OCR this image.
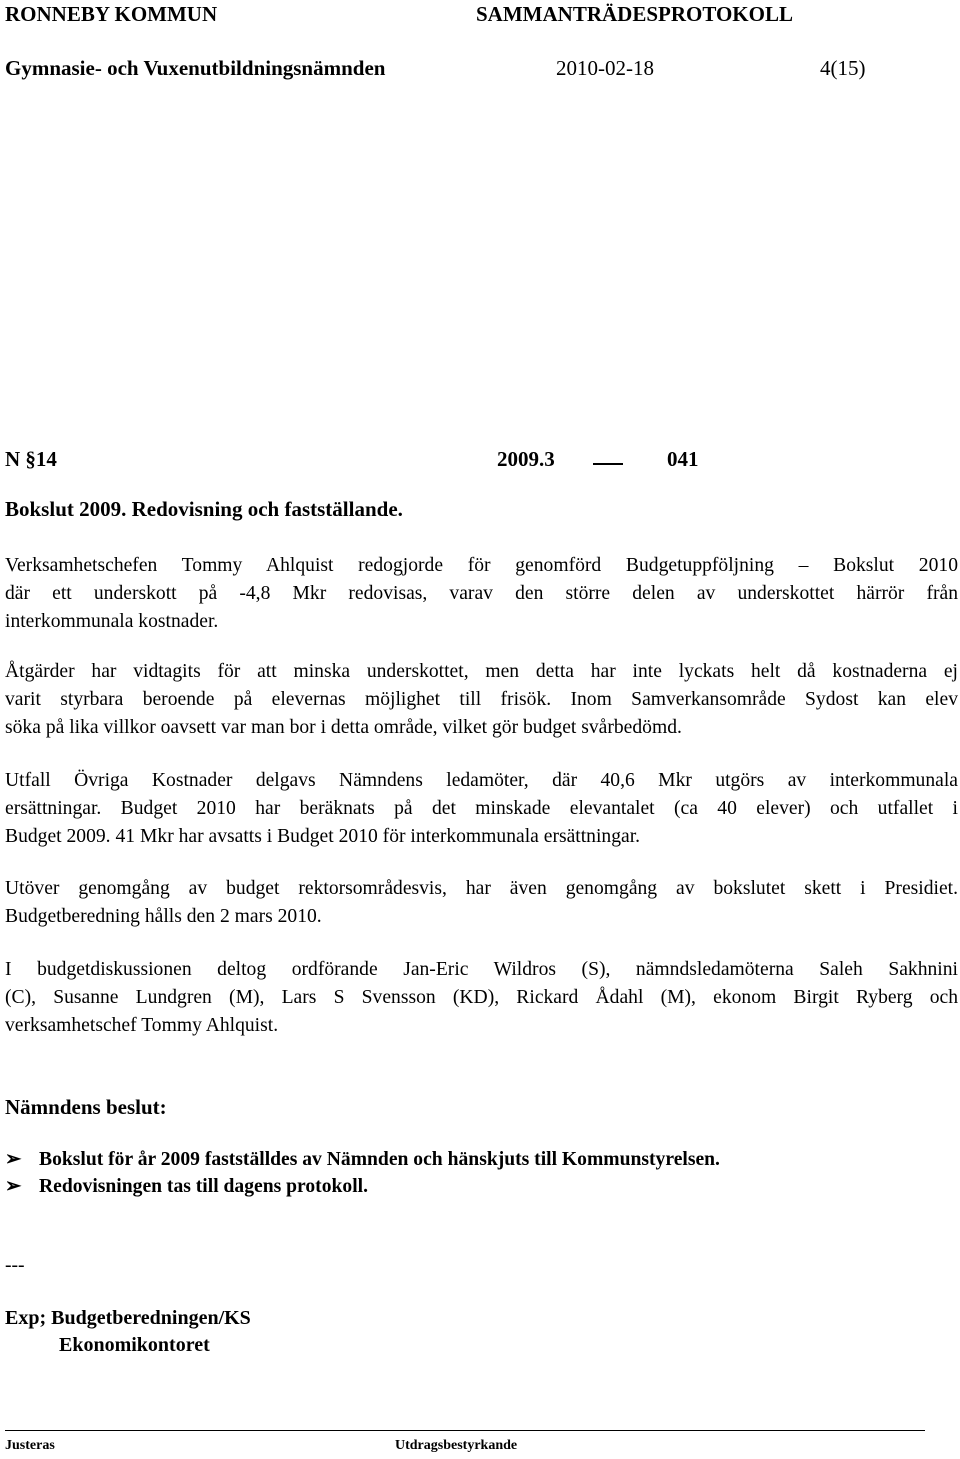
RONNEBY KOMMUN	SAMMANTRÄDESPROTOKOLL
Gymnasie- och Vuxenutbildningsnämnden	2010-02-18	4(15)
N §14	2009.3	041
Bokslut 2009. Redovisning och fastställande.

Verksamhetschefen Tommy Ahlquist redogjorde för genomförd Budgetuppföljning – Bokslut 2010
där ett underskott på -4,8 Mkr redovisas, varav den större delen av underskottet härrör från
interkommunala kostnader.

Åtgärder har vidtagits för att minska underskottet, men detta har inte lyckats helt då kostnaderna ej
varit styrbara beroende på elevernas möjlighet till frisök. Inom Samverkansområde Sydost kan elev
söka på lika villkor oavsett var man bor i detta område, vilket gör budget svårbedömd.

Utfall Övriga Kostnader delgavs Nämndens ledamöter, där 40,6 Mkr utgörs av interkommunala
ersättningar. Budget 2010 har beräknats på det minskade elevantalet (ca 40 elever) och utfallet i
Budget 2009. 41 Mkr har avsatts i Budget 2010 för interkommunala ersättningar.

Utöver genomgång av budget rektorsområdesvis, har även genomgång av bokslutet skett i Presidiet.
Budgetberedning hålls den 2 mars 2010.

I budgetdiskussionen deltog ordförande Jan-Eric Wildros (S), nämndsledamöterna Saleh Sakhnini
(C), Susanne Lundgren (M), Lars S Svensson (KD), Rickard Ådahl (M), ekonom Birgit Ryberg och
verksamhetschef Tommy Ahlquist.

Nämndens beslut:
➢ Bokslut för år 2009 fastställdes av Nämnden och hänskjuts till Kommunstyrelsen.
➢ Redovisningen tas till dagens protokoll.
---
Exp; Budgetberedningen/KS
Ekonomikontoret
Justeras	Utdragsbestyrkande
